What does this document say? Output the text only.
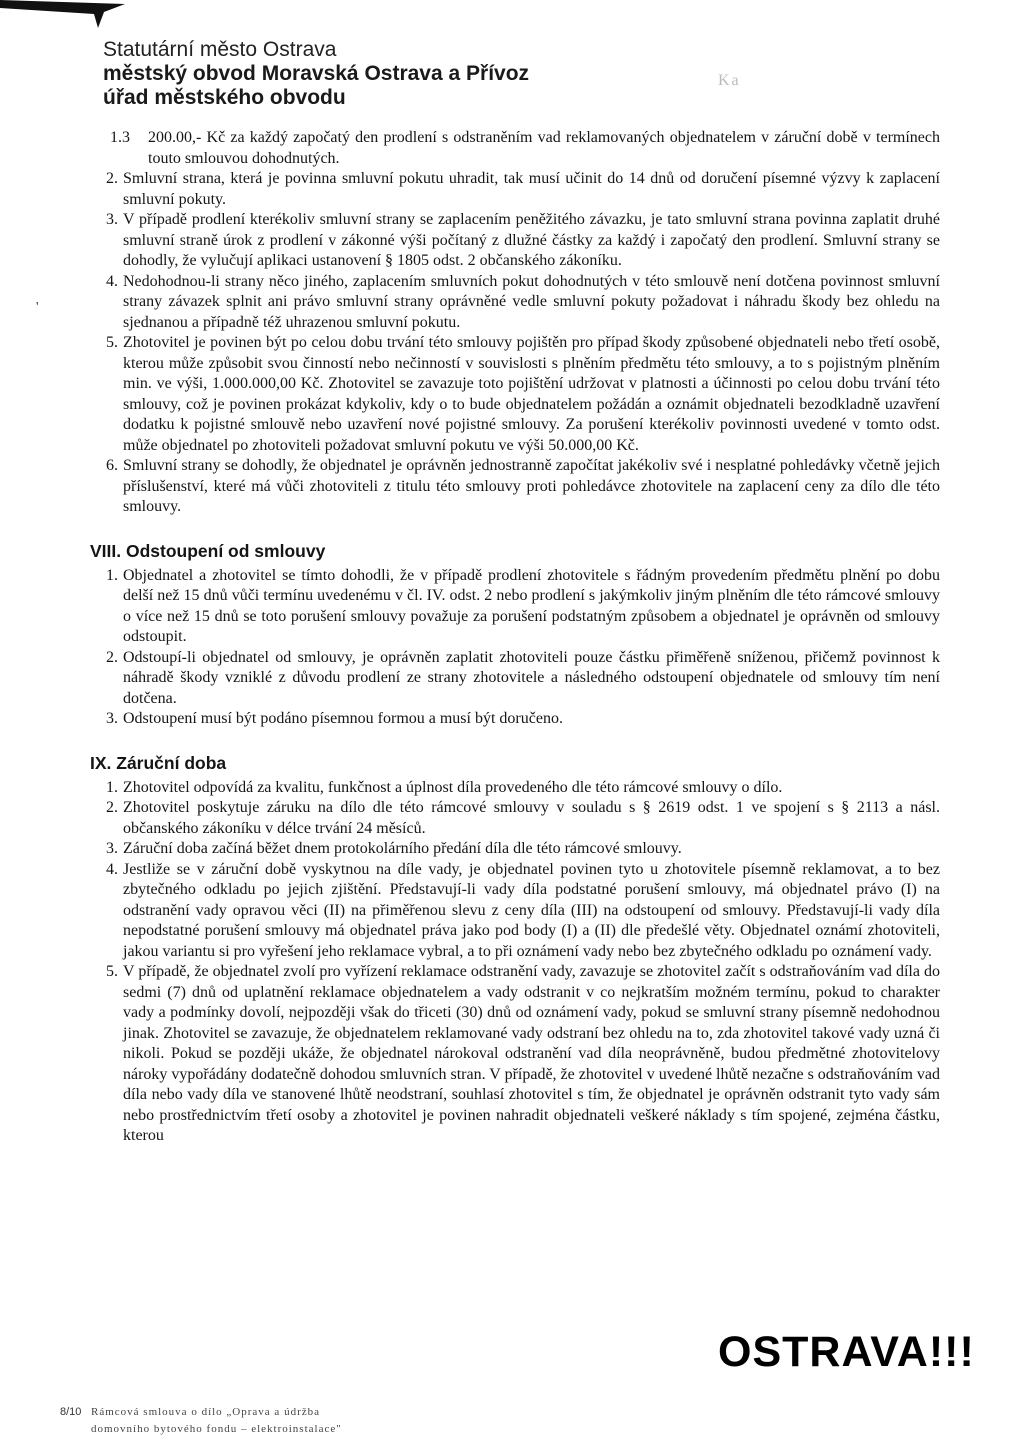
Statutární město Ostrava
městský obvod Moravská Ostrava a Přívoz
úřad městského obvodu
Ka
'
1.3	200.00,- Kč za každý započatý den prodlení s odstraněním vad reklamovaných objednatelem v záruční době v termínech touto smlouvou dohodnutých.

2. Smluvní strana, která je povinna smluvní pokutu uhradit, tak musí učinit do 14 dnů od doručení písemné výzvy k zaplacení smluvní pokuty.

3. V případě prodlení kterékoliv smluvní strany se zaplacením peněžitého závazku, je tato smluvní strana povinna zaplatit druhé smluvní straně úrok z prodlení v zákonné výši počítaný z dlužné částky za každý i započatý den prodlení. Smluvní strany se dohodly, že vylučují aplikaci ustanovení § 1805 odst. 2 občanského zákoníku.

4. Nedohodnou-li strany něco jiného, zaplacením smluvních pokut dohodnutých v této smlouvě není dotčena povinnost smluvní strany závazek splnit ani právo smluvní strany oprávněné vedle smluvní pokuty požadovat i náhradu škody bez ohledu na sjednanou a případně též uhrazenou smluvní pokutu.

5. Zhotovitel je povinen být po celou dobu trvání této smlouvy pojištěn pro případ škody způsobené objednateli nebo třetí osobě, kterou může způsobit svou činností nebo nečinností v souvislosti s plněním předmětu této smlouvy, a to s pojistným plněním min. ve výši, 1.000.000,00 Kč. Zhotovitel se zavazuje toto pojištění udržovat v platnosti a účinnosti po celou dobu trvání této smlouvy, což je povinen prokázat kdykoliv, kdy o to bude objednatelem požádán a oznámit objednateli bezodkladně uzavření dodatku k pojistné smlouvě nebo uzavření nové pojistné smlouvy. Za porušení kterékoliv povinnosti uvedené v tomto odst. může objednatel po zhotoviteli požadovat smluvní pokutu ve výši 50.000,00 Kč.

6. Smluvní strany se dohodly, že objednatel je oprávněn jednostranně započítat jakékoliv své i nesplatné pohledávky včetně jejich příslušenství, které má vůči zhotoviteli z titulu této smlouvy proti pohledávce zhotovitele na zaplacení ceny za dílo dle této smlouvy.

VIII. Odstoupení od smlouvy
1. Objednatel a zhotovitel se tímto dohodli, že v případě prodlení zhotovitele s řádným provedením předmětu plnění po dobu delší než 15 dnů vůči termínu uvedenému v čl. IV. odst. 2 nebo prodlení s jakýmkoliv jiným plněním dle této rámcové smlouvy o více než 15 dnů se toto porušení smlouvy považuje za porušení podstatným způsobem a objednatel je oprávněn od smlouvy odstoupit.

2. Odstoupí-li objednatel od smlouvy, je oprávněn zaplatit zhotoviteli pouze částku přiměřeně sníženou, přičemž povinnost k náhradě škody vzniklé z důvodu prodlení ze strany zhotovitele a následného odstoupení objednatele od smlouvy tím není dotčena.

3. Odstoupení musí být podáno písemnou formou a musí být doručeno.

IX. Záruční doba
1. Zhotovitel odpovídá za kvalitu, funkčnost a úplnost díla provedeného dle této rámcové smlouvy o dílo.

2. Zhotovitel poskytuje záruku na dílo dle této rámcové smlouvy v souladu s § 2619 odst. 1 ve spojení s § 2113 a násl. občanského zákoníku v délce trvání 24 měsíců.

3. Záruční doba začíná běžet dnem protokolárního předání díla dle této rámcové smlouvy.

4. Jestliže se v záruční době vyskytnou na díle vady, je objednatel povinen tyto u zhotovitele písemně reklamovat, a to bez zbytečného odkladu po jejich zjištění. Představují-li vady díla podstatné porušení smlouvy, má objednatel právo (I) na odstranění vady opravou věci (II) na přiměřenou slevu z ceny díla (III) na odstoupení od smlouvy. Představují-li vady díla nepodstatné porušení smlouvy má objednatel práva jako pod body (I) a (II) dle předešlé věty. Objednatel oznámí zhotoviteli, jakou variantu si pro vyřešení jeho reklamace vybral, a to při oznámení vady nebo bez zbytečného odkladu po oznámení vady.

5. V případě, že objednatel zvolí pro vyřízení reklamace odstranění vady, zavazuje se zhotovitel začít s odstraňováním vad díla do sedmi (7) dnů od uplatnění reklamace objednatelem a vady odstranit v co nejkratším možném termínu, pokud to charakter vady a podmínky dovolí, nejpozději však do třiceti (30) dnů od oznámení vady, pokud se smluvní strany písemně nedohodnou jinak. Zhotovitel se zavazuje, že objednatelem reklamované vady odstraní bez ohledu na to, zda zhotovitel takové vady uzná či nikoli. Pokud se později ukáže, že objednatel nárokoval odstranění vad díla neoprávněně, budou předmětné zhotovitelovy nároky vypořádány dodatečně dohodou smluvních stran. V případě, že zhotovitel v uvedené lhůtě nezačne s odstraňováním vad díla nebo vady díla ve stanovené lhůtě neodstraní, souhlasí zhotovitel s tím, že objednatel je oprávněn odstranit tyto vady sám nebo prostřednictvím třetí osoby a zhotovitel je povinen nahradit objednateli veškeré náklady s tím spojené, zejména částku, kterou

OSTRAVA!!!
8/10 Rámcová smlouva o dílo „Oprava a údržba
domovního bytového fondu – elektroinstalace"
